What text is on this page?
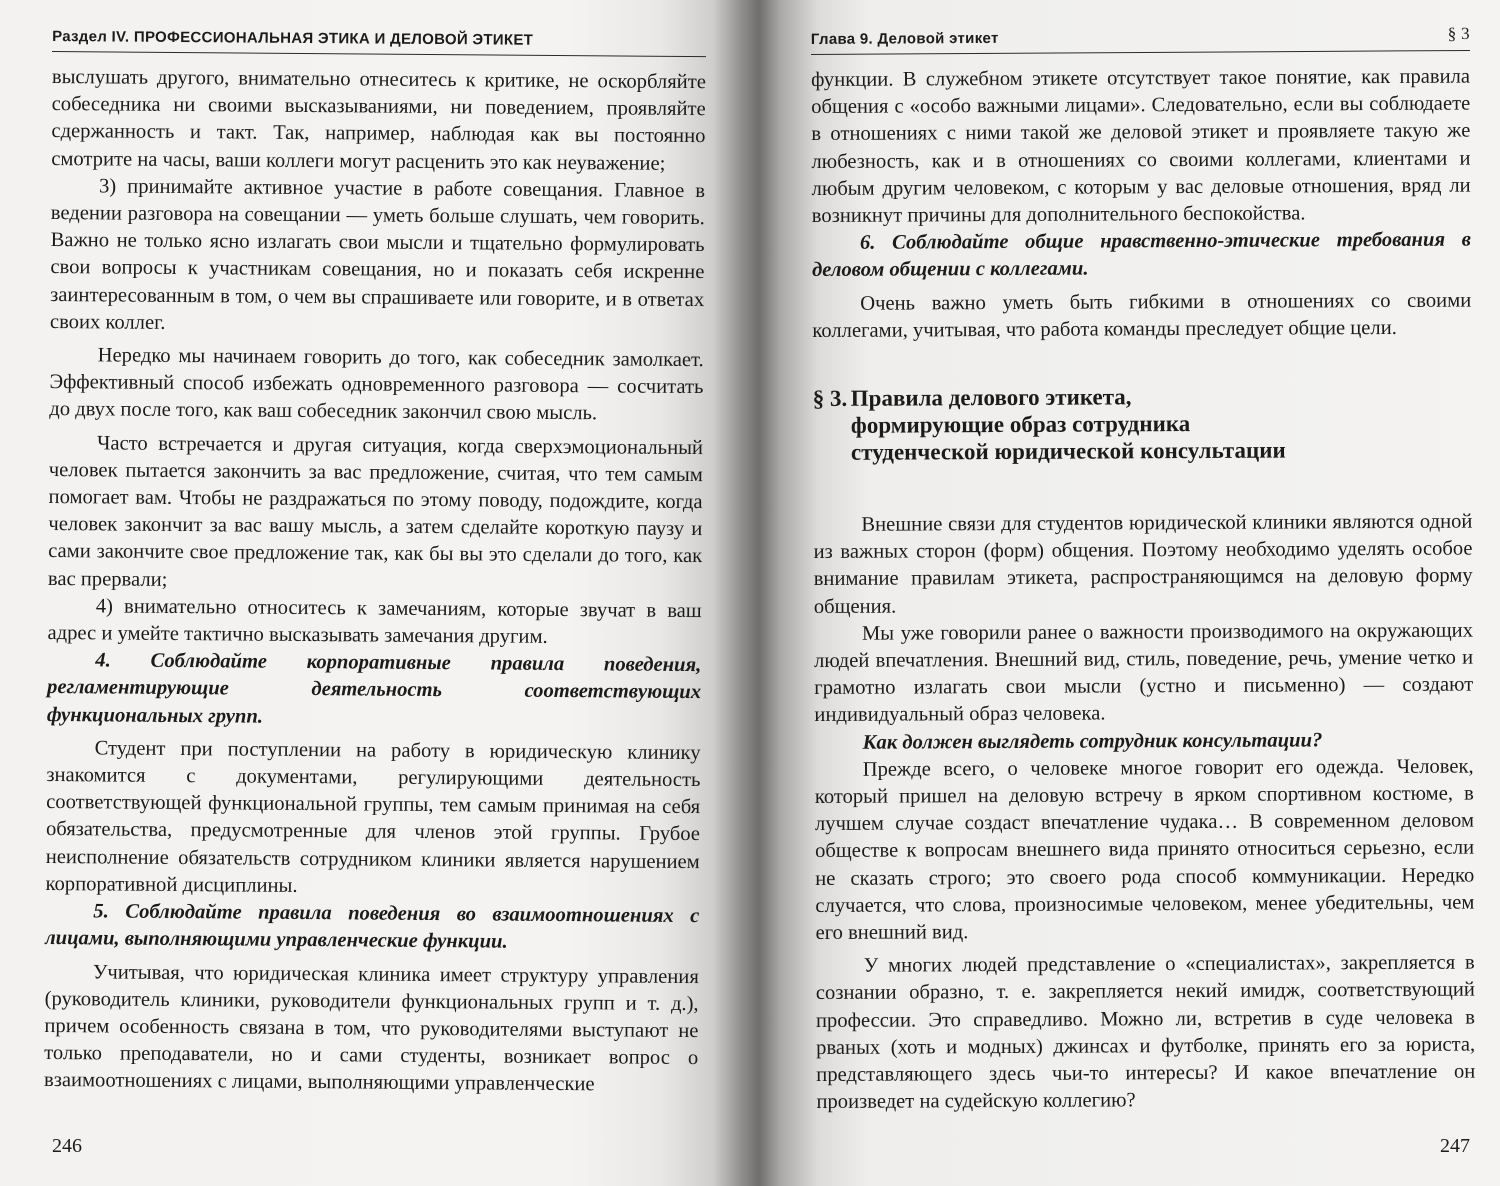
Раздел IV. ПРОФЕССИОНАЛЬНАЯ ЭТИКА И ДЕЛОВОЙ ЭТИКЕТ

выслушать другого, внимательно отнеситесь к критике, не оскорбляйте собеседника ни своими высказываниями, ни поведением, проявляйте сдержанность и такт. Так, например, наблюдая как вы постоянно смотрите на часы, ваши коллеги могут расценить это как неуважение;

3) принимайте активное участие в работе совещания. Главное в ведении разговора на совещании — уметь больше слушать, чем говорить. Важно не только ясно излагать свои мысли и тщательно формулировать свои вопросы к участникам совещания, но и показать себя искренне заинтересованным в том, о чем вы спрашиваете или говорите, и в ответах своих коллег.

Нередко мы начинаем говорить до того, как собеседник замолкает. Эффективный способ избежать одновременного разговора — сосчитать до двух после того, как ваш собеседник закончил свою мысль.

Часто встречается и другая ситуация, когда сверхэмоциональный человек пытается закончить за вас предложение, считая, что тем самым помогает вам. Чтобы не раздражаться по этому поводу, подождите, когда человек закончит за вас вашу мысль, а затем сделайте короткую паузу и сами закончите свое предложение так, как бы вы это сделали до того, как вас прервали;

4) внимательно относитесь к замечаниям, которые звучат в ваш адрес и умейте тактично высказывать замечания другим.

4. Соблюдайте корпоративные правила поведения, регламентирующие деятельность соответствующих функциональных групп.

Студент при поступлении на работу в юридическую клинику знакомится с документами, регулирующими деятельность соответствующей функциональной группы, тем самым принимая на себя обязательства, предусмотренные для членов этой группы. Грубое неисполнение обязательств сотрудником клиники является нарушением корпоративной дисциплины.

5. Соблюдайте правила поведения во взаимоотношениях с лицами, выполняющими управленческие функции.

Учитывая, что юридическая клиника имеет структуру управления (руководитель клиники, руководители функциональных групп и т. д.), причем особенность связана в том, что руководителями выступают не только преподаватели, но и сами студенты, возникает вопрос о взаимоотношениях с лицами, выполняющими управленческие

246
Глава 9. Деловой этикет	§ 3

функции. В служебном этикете отсутствует такое понятие, как правила общения с «особо важными лицами». Следовательно, если вы соблюдаете в отношениях с ними такой же деловой этикет и проявляете такую же любезность, как и в отношениях со своими коллегами, клиентами и любым другим человеком, с которым у вас деловые отношения, вряд ли возникнут причины для дополнительного беспокойства.

6. Соблюдайте общие нравственно-этические требования в деловом общении с коллегами.

Очень важно уметь быть гибкими в отношениях со своими коллегами, учитывая, что работа команды преследует общие цели.

§ 3. Правила делового этикета,
формирующие образ сотрудника
студенческой юридической консультации

Внешние связи для студентов юридической клиники являются одной из важных сторон (форм) общения. Поэтому необходимо уделять особое внимание правилам этикета, распространяющимся на деловую форму общения.

Мы уже говорили ранее о важности производимого на окружающих людей впечатления. Внешний вид, стиль, поведение, речь, умение четко и грамотно излагать свои мысли (устно и письменно) — создают индивидуальный образ человека.

Как должен выглядеть сотрудник консультации?

Прежде всего, о человеке многое говорит его одежда. Человек, который пришел на деловую встречу в ярком спортивном костюме, в лучшем случае создаст впечатление чудака… В современном деловом обществе к вопросам внешнего вида принято относиться серьезно, если не сказать строго; это своего рода способ коммуникации. Нередко случается, что слова, произносимые человеком, менее убедительны, чем его внешний вид.

У многих людей представление о «специалистах», закрепляется в сознании образно, т. е. закрепляется некий имидж, соответствующий профессии. Это справедливо. Можно ли, встретив в суде человека в рваных (хоть и модных) джинсах и футболке, принять его за юриста, представляющего здесь чьи-то интересы? И какое впечатление он произведет на судейскую коллегию?

247
